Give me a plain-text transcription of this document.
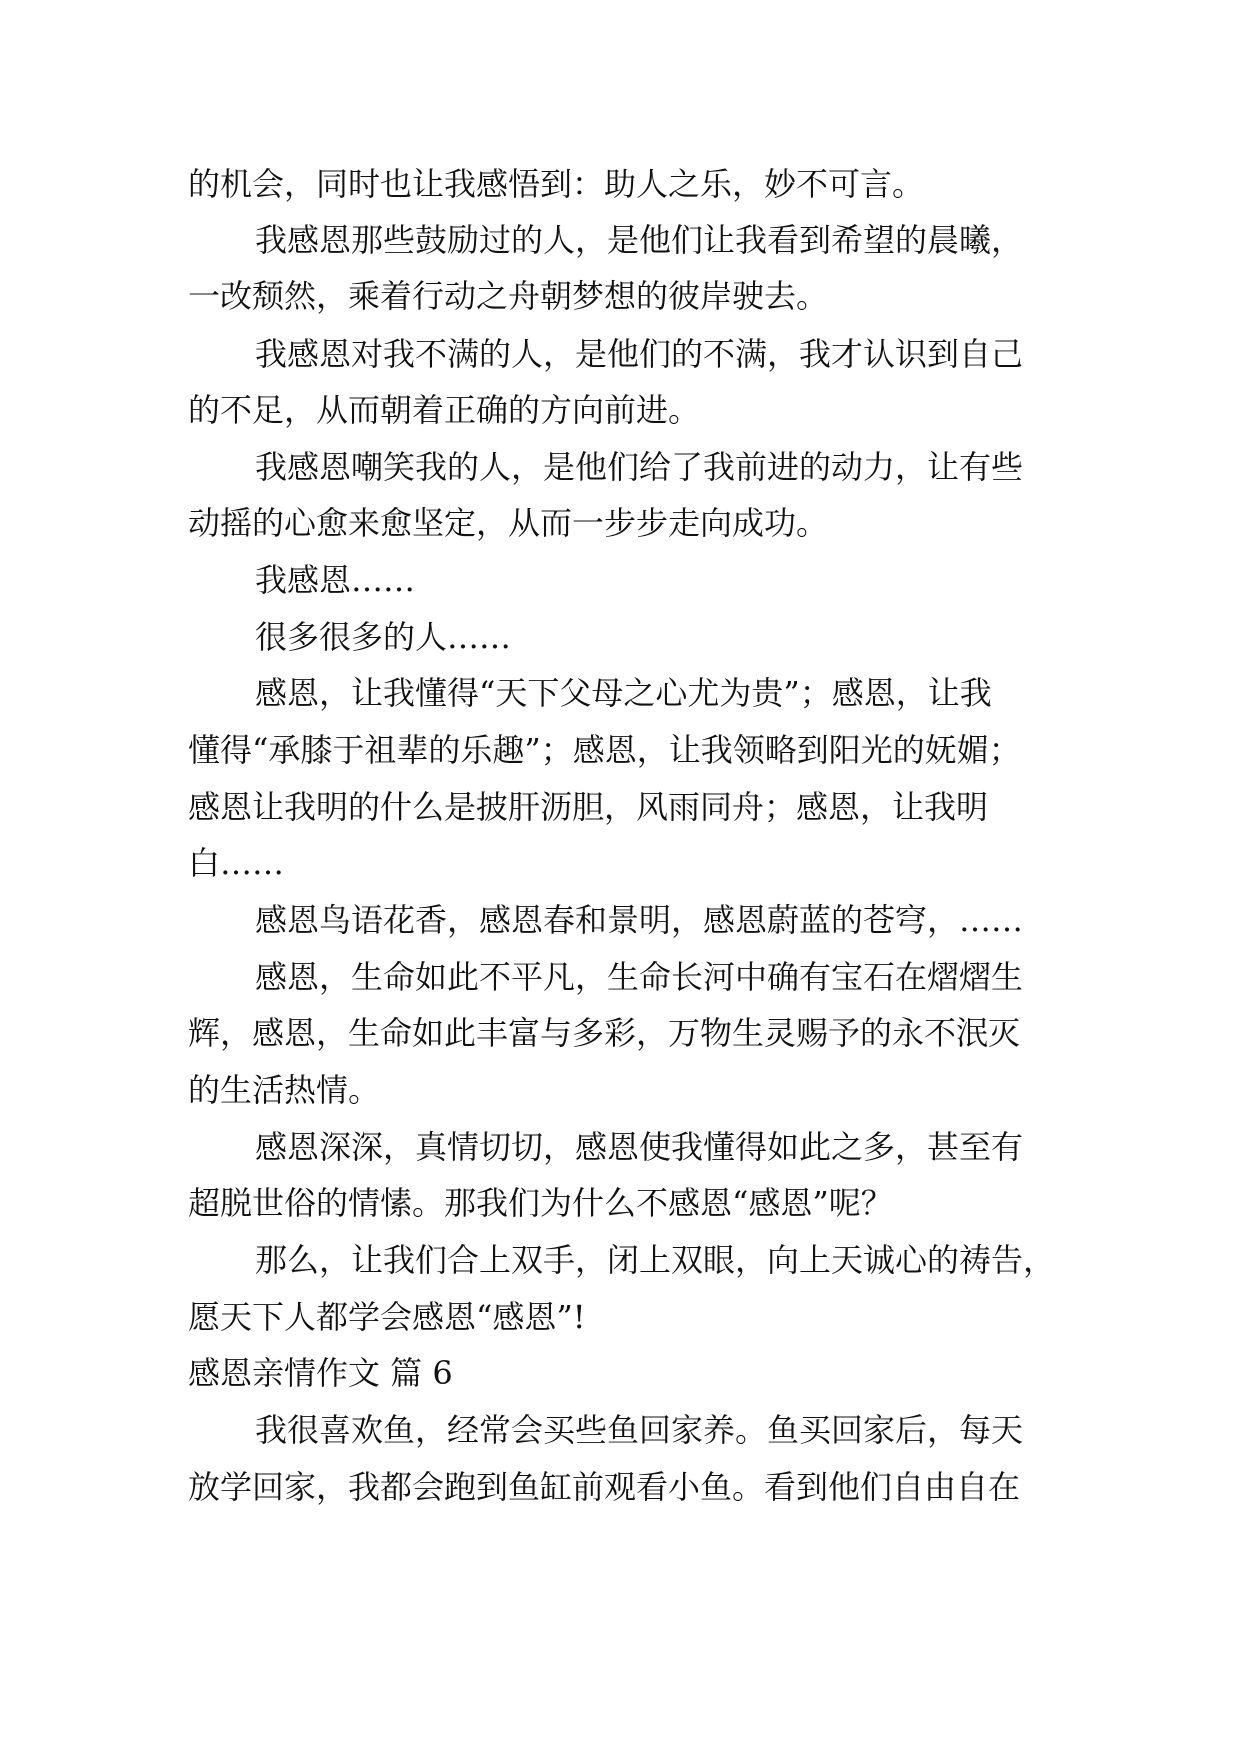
的机会，同时也让我感悟到：助人之乐，妙不可言。
我感恩那些鼓励过的人，是他们让我看到希望的晨曦，
一改颓然，乘着行动之舟朝梦想的彼岸驶去。
我感恩对我不满的人，是他们的不满，我才认识到自己
的不足，从而朝着正确的方向前进。
我感恩嘲笑我的人，是他们给了我前进的动力，让有些
动摇的心愈来愈坚定，从而一步步走向成功。
我感恩……
很多很多的人……
感恩，让我懂得“天下父母之心尤为贵”；感恩，让我
懂得“承膝于祖辈的乐趣”；感恩，让我领略到阳光的妩媚；
感恩让我明的什么是披肝沥胆，风雨同舟；感恩，让我明
白……
感恩鸟语花香，感恩春和景明，感恩蔚蓝的苍穹，……
感恩，生命如此不平凡，生命长河中确有宝石在熠熠生
辉，感恩，生命如此丰富与多彩，万物生灵赐予的永不泯灭
的生活热情。
感恩深深，真情切切，感恩使我懂得如此之多，甚至有
超脱世俗的情愫。那我们为什么不感恩“感恩”呢？
那么，让我们合上双手，闭上双眼，向上天诚心的祷告，
愿天下人都学会感恩“感恩”!
感恩亲情作文 篇 6
我很喜欢鱼，经常会买些鱼回家养。鱼买回家后，每天
放学回家，我都会跑到鱼缸前观看小鱼。看到他们自由自在
